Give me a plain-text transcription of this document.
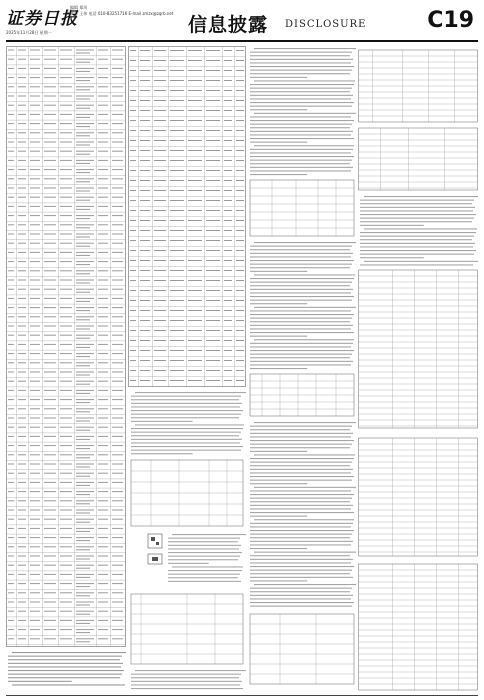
证券日报
编辑 郑风
制作 王伟 电话 010-83251716 E-mail zmzx@zqrb.net
2025年11月28日 星期一	信息披露 DISCLOSURE	C19
